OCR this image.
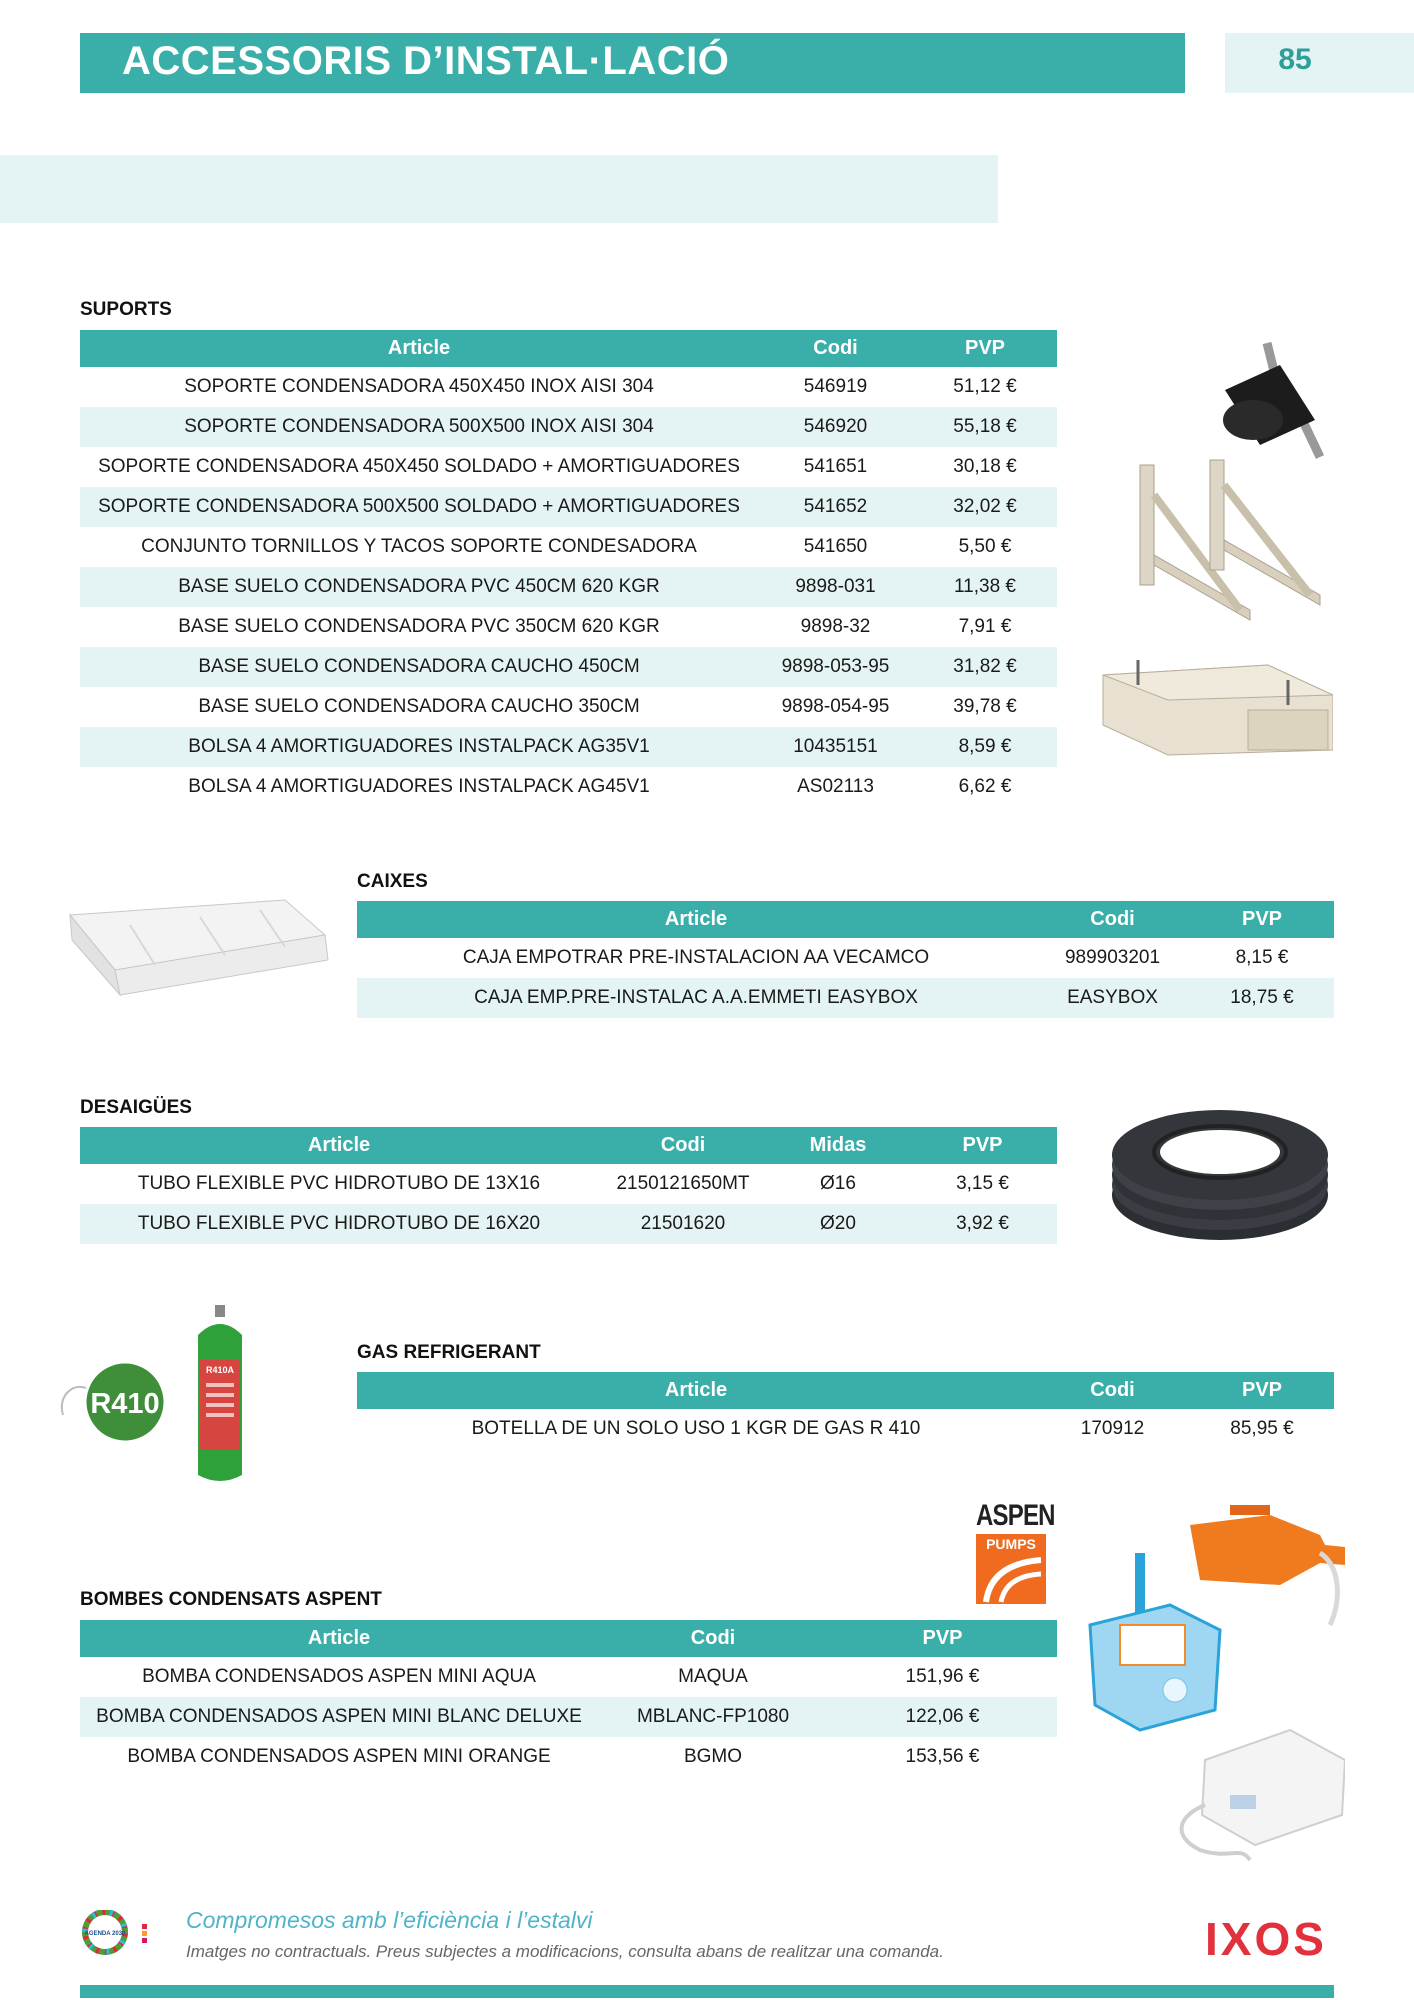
ACCESSORIS D’INSTAL·LACIÓ	85
SUPORTS
Article	Codi	PVP
SOPORTE CONDENSADORA 450X450 INOX AISI 304	546919	51,12 €
SOPORTE CONDENSADORA 500X500 INOX AISI 304	546920	55,18 €
SOPORTE CONDENSADORA 450X450 SOLDADO + AMORTIGUADORES	541651	30,18 €
SOPORTE CONDENSADORA 500X500 SOLDADO + AMORTIGUADORES	541652	32,02 €
CONJUNTO TORNILLOS Y TACOS SOPORTE CONDESADORA	541650	5,50 €
BASE SUELO CONDENSADORA PVC 450CM 620 KGR	9898-031	11,38 €
BASE SUELO CONDENSADORA PVC 350CM 620 KGR	9898-32	7,91 €
BASE SUELO CONDENSADORA CAUCHO 450CM	9898-053-95	31,82 €
BASE SUELO CONDENSADORA CAUCHO 350CM	9898-054-95	39,78 €
BOLSA 4 AMORTIGUADORES INSTALPACK AG35V1	10435151	8,59 €
BOLSA 4 AMORTIGUADORES INSTALPACK AG45V1	AS02113	6,62 €
CAIXES
Article	Codi	PVP
CAJA EMPOTRAR PRE-INSTALACION AA VECAMCO	989903201	8,15 €
CAJA EMP.PRE-INSTALAC A.A.EMMETI EASYBOX	EASYBOX	18,75 €
DESAIGÜES
Article	Codi	Midas	PVP
TUBO FLEXIBLE PVC HIDROTUBO DE 13X16	2150121650MT	Ø16	3,15 €
TUBO FLEXIBLE PVC HIDROTUBO DE 16X20	21501620	Ø20	3,92 €
R410
R410A
GAS REFRIGERANT
Article	Codi	PVP
BOTELLA DE UN SOLO USO 1 KGR DE GAS R 410	170912	85,95 €
ASPEN
PUMPS
BOMBES CONDENSATS ASPENT
Article	Codi	PVP
BOMBA CONDENSADOS ASPEN MINI AQUA	MAQUA	151,96 €
BOMBA CONDENSADOS ASPEN MINI BLANC DELUXE	MBLANC-FP1080	122,06 €
BOMBA CONDENSADOS ASPEN MINI ORANGE	BGMO	153,56 €
AGENDA 2030
Compromesos amb l’eficiència i l’estalvi
Imatges no contractuals. Preus subjectes a modificacions, consulta abans de realitzar una comanda.	IXOS
